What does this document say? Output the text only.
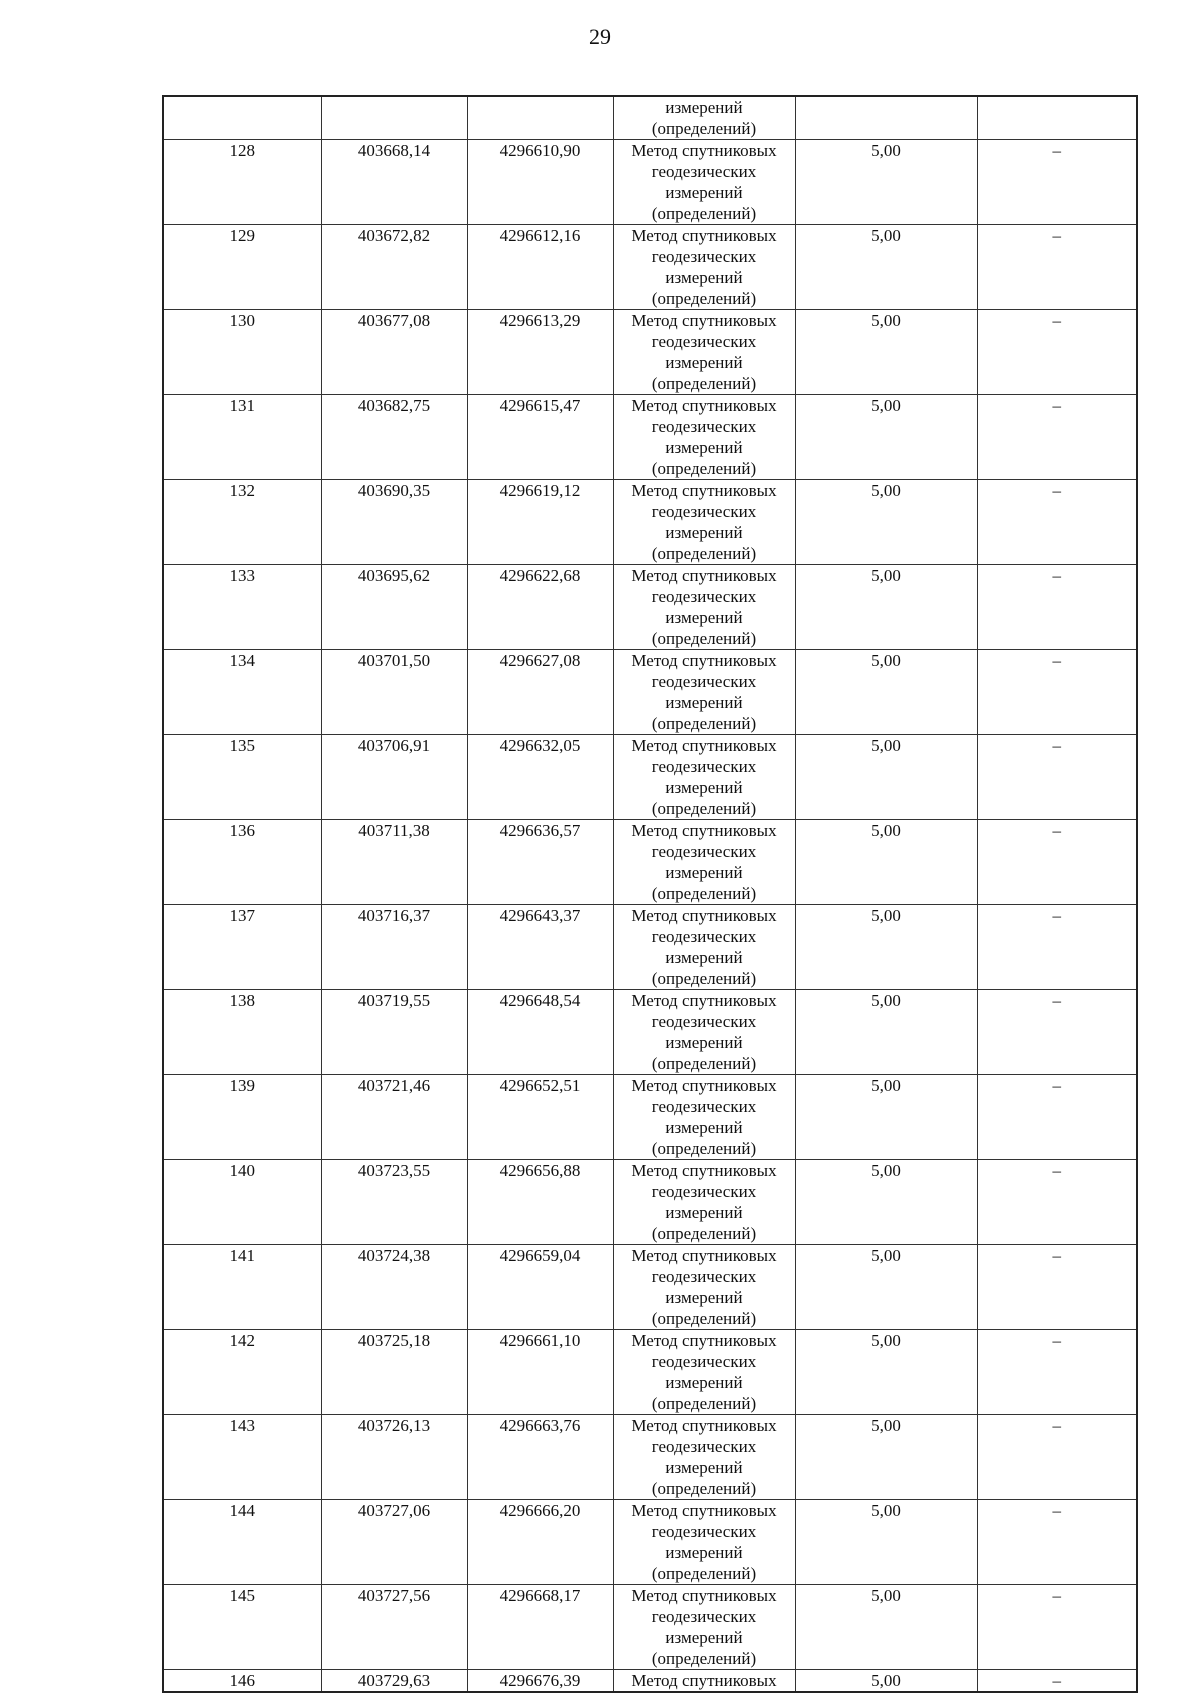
29

			измерений
(определений)		

128	403668,14	4296610,90	Метод спутниковых
геодезических
измерений
(определений)	5,00	–
129	403672,82	4296612,16	Метод спутниковых
геодезических
измерений
(определений)	5,00	–
130	403677,08	4296613,29	Метод спутниковых
геодезических
измерений
(определений)	5,00	–
131	403682,75	4296615,47	Метод спутниковых
геодезических
измерений
(определений)	5,00	–
132	403690,35	4296619,12	Метод спутниковых
геодезических
измерений
(определений)	5,00	–
133	403695,62	4296622,68	Метод спутниковых
геодезических
измерений
(определений)	5,00	–
134	403701,50	4296627,08	Метод спутниковых
геодезических
измерений
(определений)	5,00	–
135	403706,91	4296632,05	Метод спутниковых
геодезических
измерений
(определений)	5,00	–
136	403711,38	4296636,57	Метод спутниковых
геодезических
измерений
(определений)	5,00	–
137	403716,37	4296643,37	Метод спутниковых
геодезических
измерений
(определений)	5,00	–
138	403719,55	4296648,54	Метод спутниковых
геодезических
измерений
(определений)	5,00	–
139	403721,46	4296652,51	Метод спутниковых
геодезических
измерений
(определений)	5,00	–
140	403723,55	4296656,88	Метод спутниковых
геодезических
измерений
(определений)	5,00	–
141	403724,38	4296659,04	Метод спутниковых
геодезических
измерений
(определений)	5,00	–
142	403725,18	4296661,10	Метод спутниковых
геодезических
измерений
(определений)	5,00	–
143	403726,13	4296663,76	Метод спутниковых
геодезических
измерений
(определений)	5,00	–
144	403727,06	4296666,20	Метод спутниковых
геодезических
измерений
(определений)	5,00	–
145	403727,56	4296668,17	Метод спутниковых
геодезических
измерений
(определений)	5,00	–
146	403729,63	4296676,39	Метод спутниковых	5,00	–
